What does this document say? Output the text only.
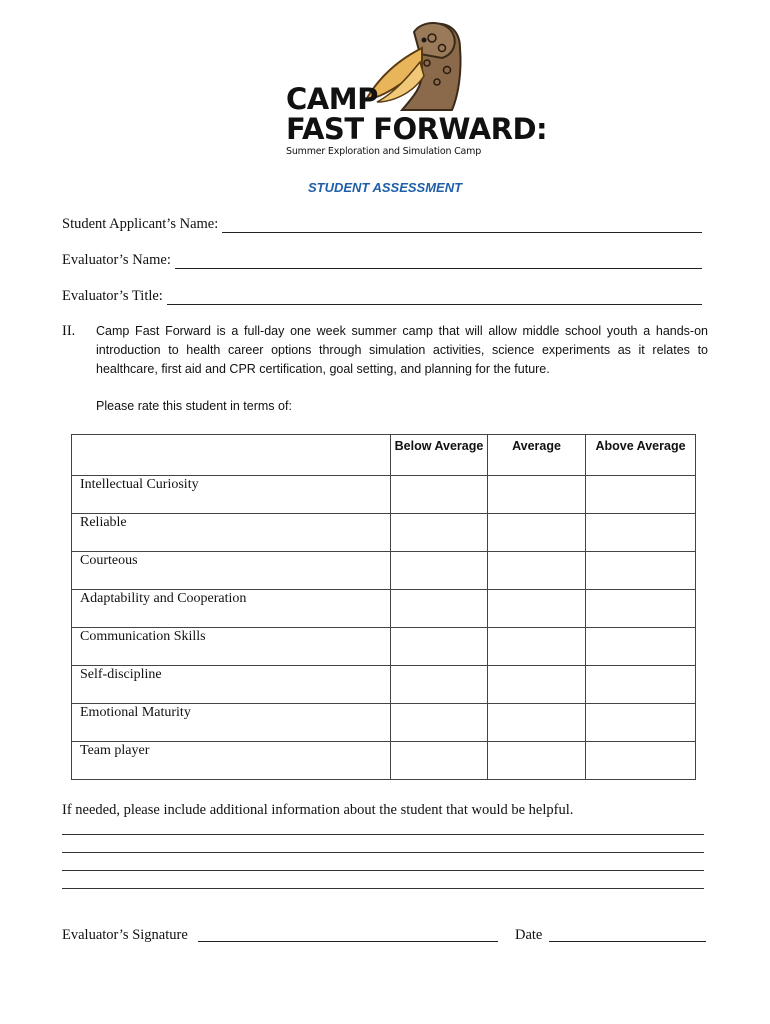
CAMP
FAST FORWARD:
Summer Exploration and Simulation Camp
STUDENT ASSESSMENT
Student Applicant’s Name:
Evaluator’s Name:
Evaluator’s Title:
II. Camp Fast Forward is a full-day one week summer camp that will allow middle school youth a hands-on introduction to health career options through simulation activities, science experiments as it relates to healthcare, first aid and CPR certification, goal setting, and planning for the future.
Please rate this student in terms of:
	Below Average	Average	Above Average
Intellectual Curiosity			
Reliable			
Courteous			
Adaptability and Cooperation			
Communication Skills			
Self-discipline			
Emotional Maturity			
Team player			
If needed, please include additional information about the student that would be helpful.
Evaluator’s Signature	Date
